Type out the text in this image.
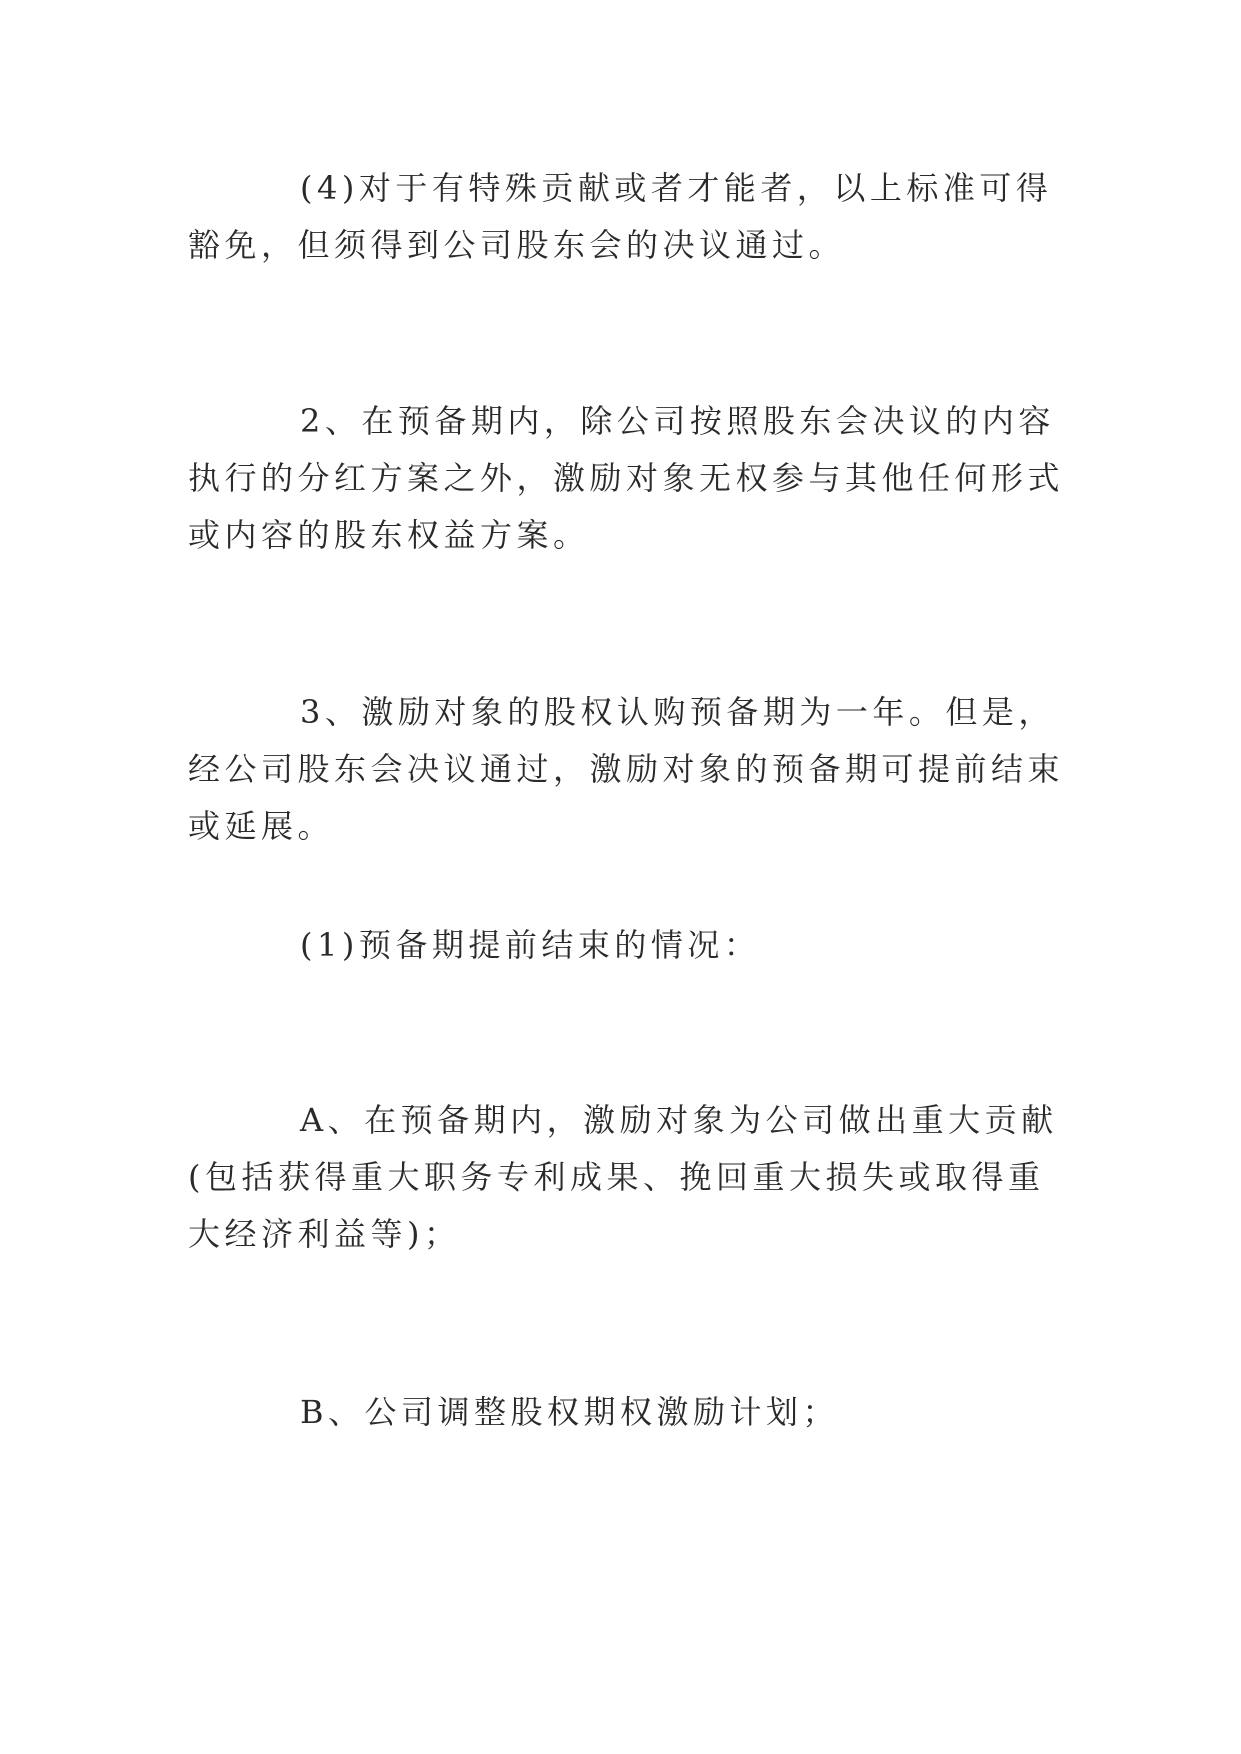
(4)对于有特殊贡献或者才能者，以上标准可得豁免，但须得到公司股东会的决议通过。

2、在预备期内，除公司按照股东会决议的内容执行的分红方案之外，激励对象无权参与其他任何形式或内容的股东权益方案。

3、激励对象的股权认购预备期为一年。但是，经公司股东会决议通过，激励对象的预备期可提前结束或延展。

(1)预备期提前结束的情况：

A、在预备期内，激励对象为公司做出重大贡献(包括获得重大职务专利成果、挽回重大损失或取得重大经济利益等)；

B、公司调整股权期权激励计划；
